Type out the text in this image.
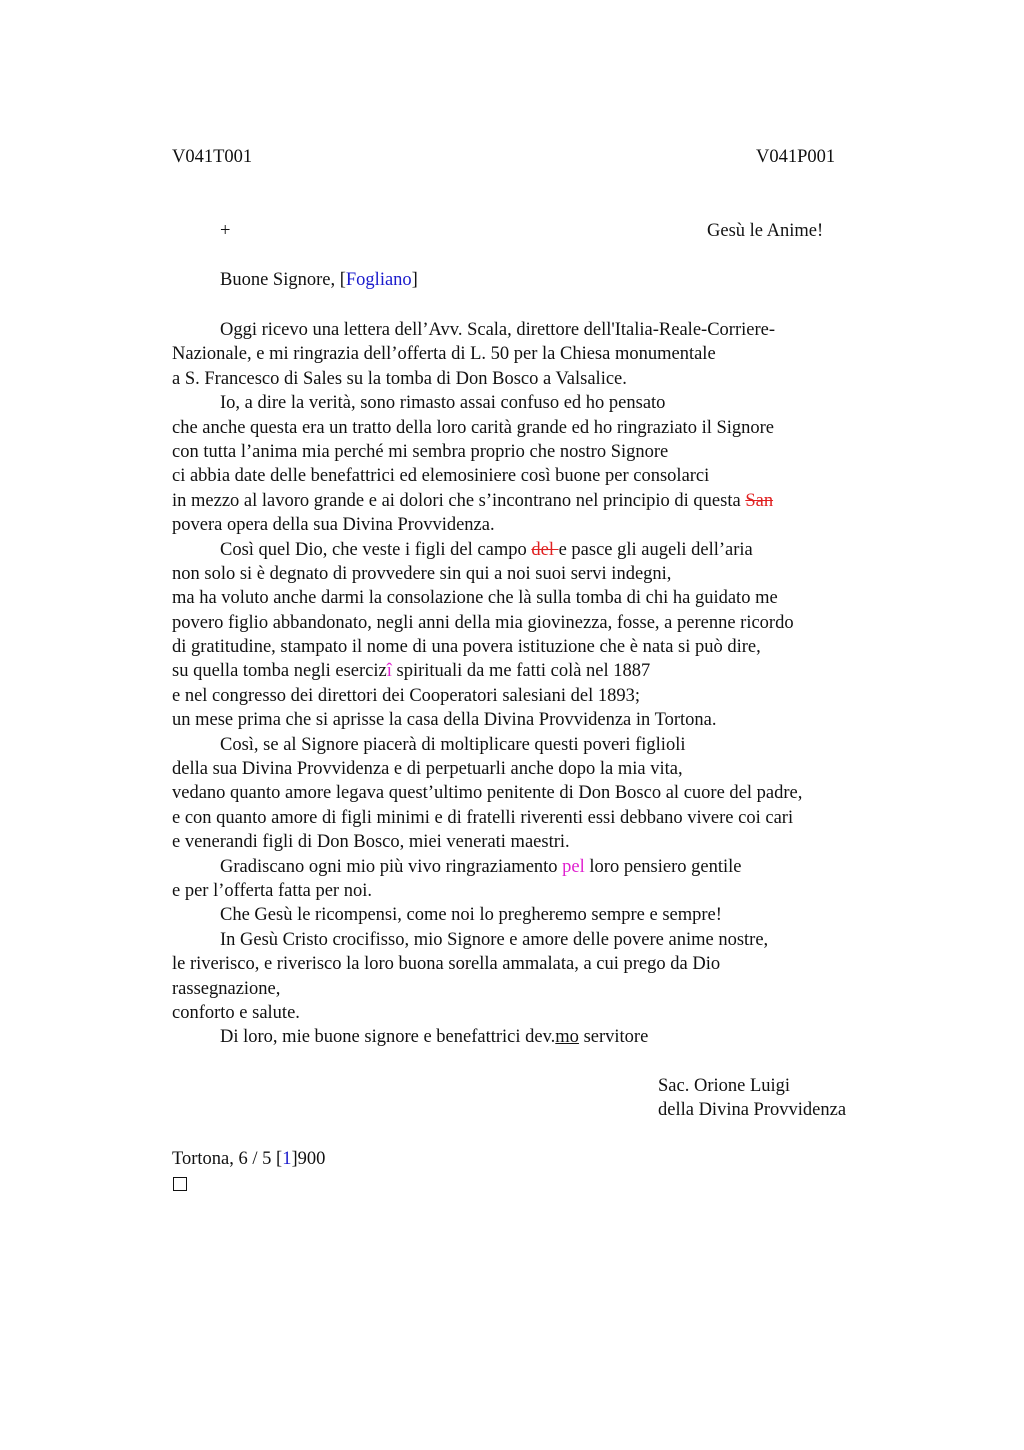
V041T001	V041P001
+	Gesù le Anime!
Buone Signore, [Fogliano]
Oggi ricevo una lettera dell’Avv. Scala, direttore dell'Italia-Reale-Corriere-
Nazionale, e mi ringrazia dell’offerta di L. 50 per la Chiesa monumentale
a S. Francesco di Sales su la tomba di Don Bosco a Valsalice.
Io, a dire la verità, sono rimasto assai confuso ed ho pensato
che anche questa era un tratto della loro carità grande ed ho ringraziato il Signore
con tutta l’anima mia perché mi sembra proprio che nostro Signore
ci abbia date delle benefattrici ed elemosiniere così buone per consolarci
in mezzo al lavoro grande e ai dolori che s’incontrano nel principio di questa San
povera opera della sua Divina Provvidenza.
Così quel Dio, che veste i figli del campo del e pasce gli augeli dell’aria
non solo si è degnato di provvedere sin qui a noi suoi servi indegni,
ma ha voluto anche darmi la consolazione che là sulla tomba di chi ha guidato me
povero figlio abbandonato, negli anni della mia giovinezza, fosse, a perenne ricordo
di gratitudine, stampato il nome di una povera istituzione che è nata si può dire,
su quella tomba negli esercizî spirituali da me fatti colà nel 1887
e nel congresso dei direttori dei Cooperatori salesiani del 1893;
un mese prima che si aprisse la casa della Divina Provvidenza in Tortona.
Così, se al Signore piacerà di moltiplicare questi poveri figlioli
della sua Divina Provvidenza e di perpetuarli anche dopo la mia vita,
vedano quanto amore legava quest’ultimo penitente di Don Bosco al cuore del padre,
e con quanto amore di figli minimi e di fratelli riverenti essi debbano vivere coi cari
e venerandi figli di Don Bosco, miei venerati maestri.
Gradiscano ogni mio più vivo ringraziamento pel loro pensiero gentile
e per l’offerta fatta per noi.
Che Gesù le ricompensi, come noi lo pregheremo sempre e sempre!
In Gesù Cristo crocifisso, mio Signore e amore delle povere anime nostre,
le riverisco, e riverisco la loro buona sorella ammalata, a cui prego da Dio
rassegnazione,
conforto e salute.
Di loro, mie buone signore e benefattrici dev.mo servitore
Sac. Orione Luigi
della Divina Provvidenza
Tortona, 6 / 5 [1]900
